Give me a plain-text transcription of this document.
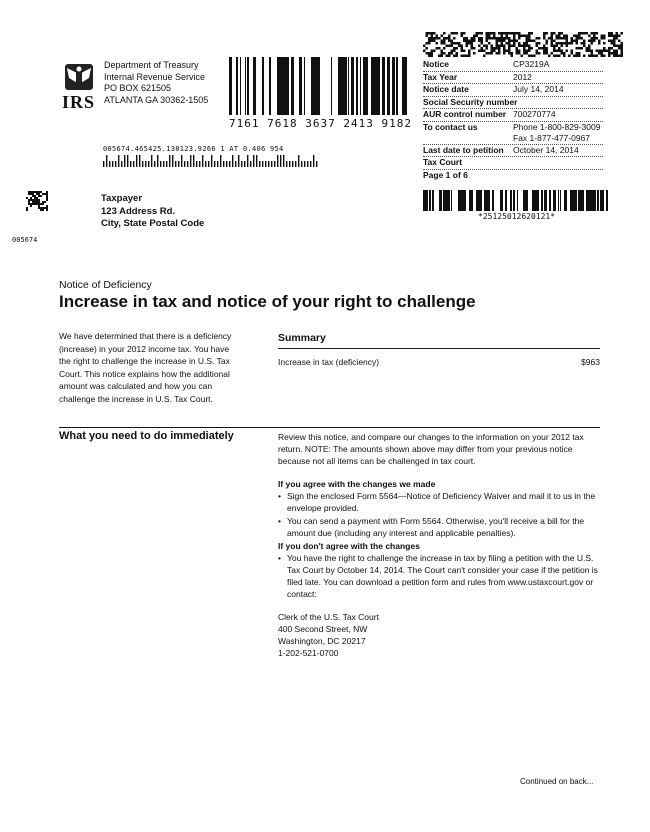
IRS
Department of Treasury
Internal Revenue Service
PO BOX 621505
ATLANTA GA 30362-1505
7161 7618 3637 2413 9182
005674.465425.138123.9266 1 AT 0.406 954
005674
Taxpayer
123 Address Rd.
City, State Postal Code
Notice	CP3219A
Tax Year	2012
Notice date	July 14, 2014
Social Security number
AUR control number 700270774
To contact us	Phone 1-800-829-3009
Fax 1-877-477-0967
Last date to petition	October 14, 2014
Tax Court
Page 1 of 6
*25125012620121*
Notice of Deficiency
Increase in tax and notice of your right to challenge
We have determined that there is a deficiency (increase) in your 2012 income tax. You have the right to challenge the increase in U.S. Tax Court. This notice explains how the additional amount was calculated and how you can challenge the increase in U.S. Tax Court.
Summary
Increase in tax (deficiency)	$963
What you need to do immediately	Review this notice, and compare our changes to the information on your 2012 tax return. NOTE: The amounts shown above may differ from your previous notice because not all items can be challenged in tax court.

If you agree with the changes we made
• Sign the enclosed Form 5564—Notice of Deficiency Waiver and mail it to us in the envelope provided.
• You can send a payment with Form 5564. Otherwise, you'll receive a bill for the amount due (including any interest and applicable penalties).
If you don't agree with the changes
• You have the right to challenge the increase in tax by filing a petition with the U.S. Tax Court by October 14, 2014. The Court can't consider your case if the petition is filed late. You can download a petition form and rules from www.ustaxcourt.gov or contact:
Clerk of the U.S. Tax Court
400 Second Street, NW
Washington, DC 20217
1-202-521-0700
Continued on back...
